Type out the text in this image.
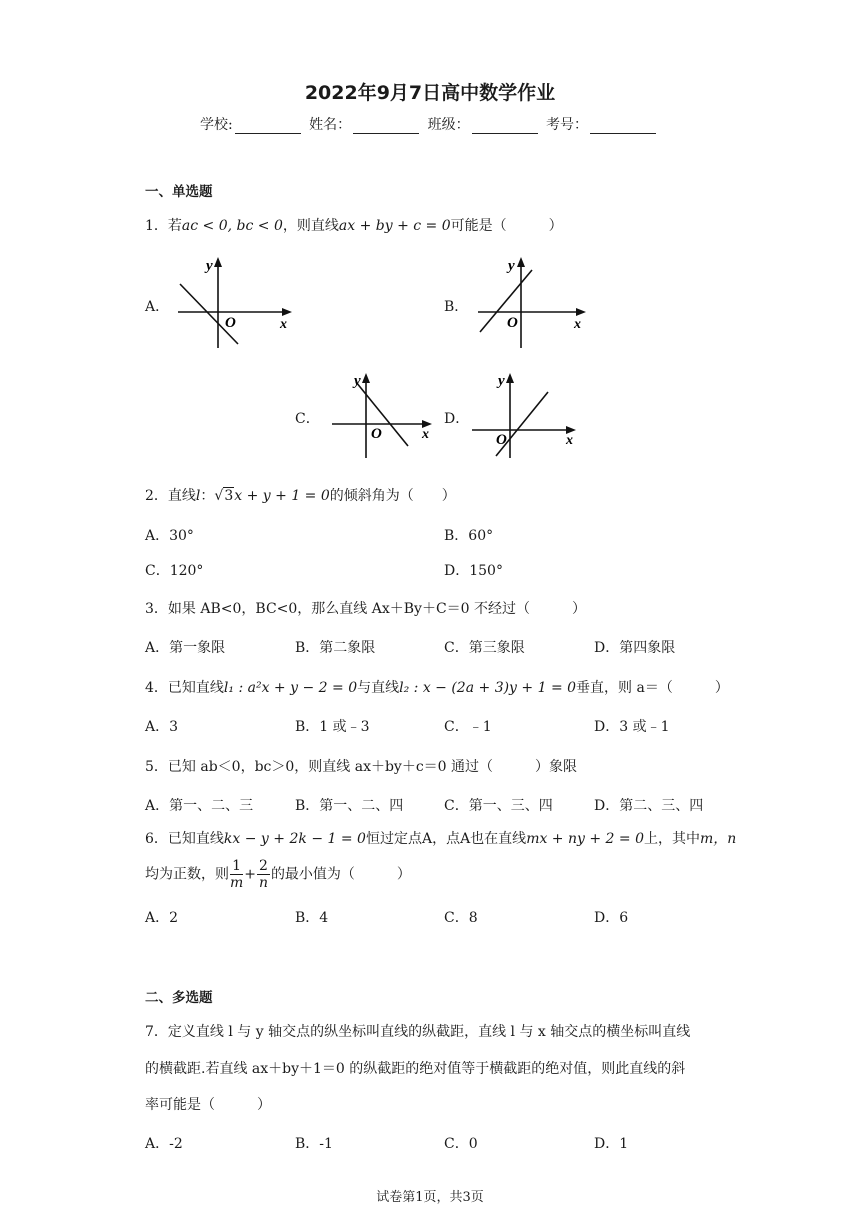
2022年9月7日高中数学作业
学校:	姓名：	班级：	考号：
一、单选题
1．若ac < 0, bc < 0，则直线ax + by + c = 0可能是（　　　）
A．
y
x
O
B．
y
x
O
C．
y
x
O
D．
y
x
O
2．直线l：√3x + y + 1 = 0的倾斜角为（　　）
A．30°	B．60°
C．120°	D．150°
3．如果 AB<0，BC<0，那么直线 Ax＋By＋C＝0 不经过（　　　）
A．第一象限	B．第二象限	C．第三象限	D．第四象限
4．已知直线l₁ : a²x + y − 2 = 0与直线l₂ : x − (2a + 3)y + 1 = 0垂直，则 a＝（　　　）
A．3	B．1 或﹣3	C．﹣1	D．3 或﹣1
5．已知 ab＜0，bc＞0，则直线 ax＋by＋c＝0 通过（　　　）象限
A．第一、二、三	B．第一、二、四	C．第一、三、四	D．第二、三、四
6．已知直线kx − y + 2k − 1 = 0恒过定点A，点A也在直线mx + ny + 2 = 0上，其中m，n
均为正数，则 $\frac{1}{m} + \frac{2}{n}$ 的最小值为（　　　）
A．2	B．4	C．8	D．6
二、多选题
7．定义直线 l 与 y 轴交点的纵坐标叫直线的纵截距，直线 l 与 x 轴交点的横坐标叫直线
的横截距.若直线 ax＋by＋1＝0 的纵截距的绝对值等于横截距的绝对值，则此直线的斜
率可能是（　　　）
A．-2	B．-1	C．0	D．1
试卷第1页，共3页
